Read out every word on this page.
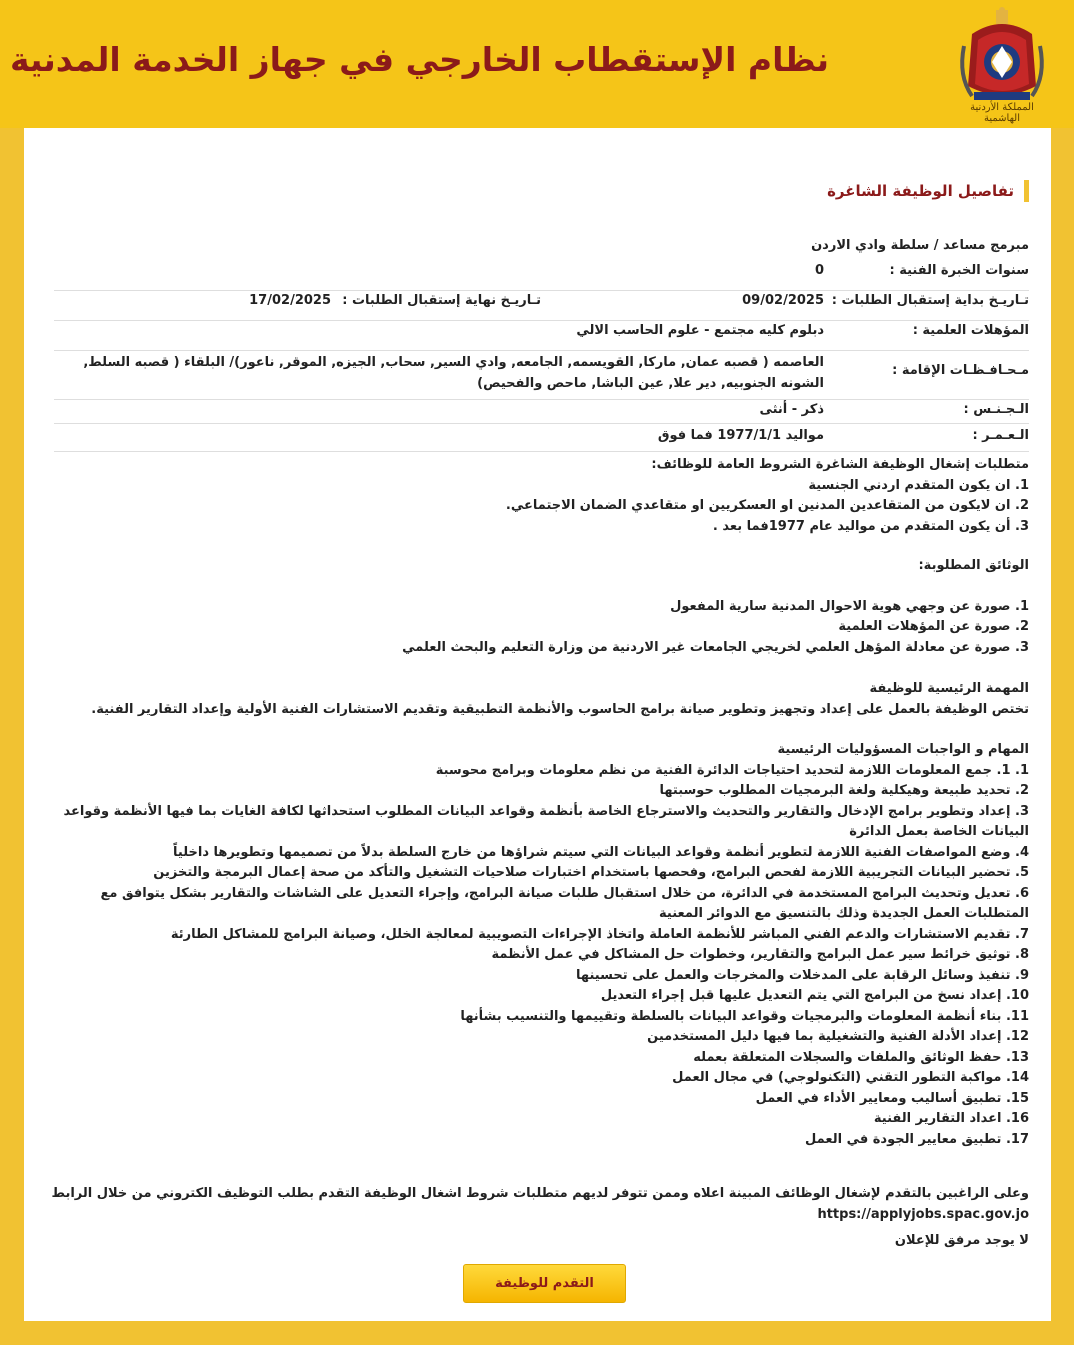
نظام الإستقطاب الخارجي في جهاز الخدمة المدنية
المملكة الأردنية الهاشمية
تفاصيل الوظيفة الشاغرة
مبرمج مساعد / سلطة وادي الاردن
سنوات الخبرة الفنية :
0
تـاريـخ بداية إستقبال الطلبات :
09/02/2025
تـاريـخ نهاية إستقبال الطلبات :
17/02/2025
المؤهلات العلمية :
دبلوم كليه مجتمع - علوم الحاسب الالي
مـحـافـظـات الإقامة :
العاصمه ( قصبه عمان, ماركا, القويسمه, الجامعه, وادي السير, سحاب, الجيزه, الموقر, ناعور)/ البلقاء ( قصبه السلط, الشونه الجنوبيه, دير علا, عين الباشا, ماحص والفحيص)
الـجـنـس :
ذكر - أنثى
الـعـمـر :
مواليد 1977/1/1 فما فوق

متطلبات إشغال الوظيفة الشاغرة الشروط العامة للوظائف:

1. ان يكون المتقدم اردني الجنسية

2. ان لايكون من المتقاعدين المدنين او العسكريين او متقاعدي الضمان الاجتماعي.

3. أن يكون المتقدم من مواليد عام 1977فما بعد .

الوثائق المطلوبة:

1. صورة عن وجهي هوية الاحوال المدنية سارية المفعول

2. صورة عن المؤهلات العلمية

3. صورة عن معادلة المؤهل العلمي لخريجي الجامعات غير الاردنية من وزارة التعليم والبحث العلمي

المهمة الرئيسية للوظيفة

تختص الوظيفة بالعمل على إعداد وتجهيز وتطوير صيانة برامج الحاسوب والأنظمة التطبيقية وتقديم الاستشارات الفنية الأولية وإعداد التقارير الفنية.

المهام و الواجبات المسؤوليات الرئيسية

1. 1. جمع المعلومات اللازمة لتحديد احتياجات الدائرة الفنية من نظم معلومات وبرامج محوسبة

2. تحديد طبيعة وهيكلية ولغة البرمجيات المطلوب حوسبتها

3. إعداد وتطوير برامج الإدخال والتقارير والتحديث والاسترجاع الخاصة بأنظمة وقواعد البيانات المطلوب استحداثها لكافة الغايات بما فيها الأنظمة وقواعد البيانات الخاصة بعمل الدائرة

4. وضع المواصفات الفنية اللازمة لتطوير أنظمة وقواعد البيانات التي سيتم شراؤها من خارج السلطة بدلاً من تصميمها وتطويرها داخلياً

5. تحضير البيانات التجريبية اللازمة لفحص البرامج، وفحصها باستخدام اختبارات صلاحيات التشغيل والتأكد من صحة إعمال البرمجة والتخزين

6. تعديل وتحديث البرامج المستخدمة في الدائرة، من خلال استقبال طلبات صيانة البرامج، وإجراء التعديل على الشاشات والتقارير بشكل يتوافق مع المتطلبات العمل الجديدة وذلك بالتنسيق مع الدوائر المعنية

7. تقديم الاستشارات والدعم الفني المباشر للأنظمة العاملة واتخاذ الإجراءات التصويبية لمعالجة الخلل، وصيانة البرامج للمشاكل الطارئة

8. توثيق خرائط سير عمل البرامج والتقارير، وخطوات حل المشاكل في عمل الأنظمة

9. تنفيذ وسائل الرقابة على المدخلات والمخرجات والعمل على تحسينها

10. إعداد نسخ من البرامج التي يتم التعديل عليها قبل إجراء التعديل

11. بناء أنظمة المعلومات والبرمجيات وقواعد البيانات بالسلطة وتقييمها والتنسيب بشأنها

12. إعداد الأدلة الفنية والتشغيلية بما فيها دليل المستخدمين

13. حفظ الوثائق والملفات والسجلات المتعلقة بعمله

14. مواكبة التطور التقني (التكنولوجي) في مجال العمل

15. تطبيق أساليب ومعايير الأداء في العمل

16. اعداد التقارير الفنية

17. تطبيق معايير الجودة في العمل

وعلى الراغبين بالتقدم لإشغال الوظائف المبينة اعلاه وممن تتوفر لديهم متطلبات شروط اشغال الوظيفة التقدم بطلب التوظيف الكتروني من خلال الرابط

https://applyjobs.spac.gov.jo

لا يوجد مرفق للإعلان

التقدم للوظيفة
